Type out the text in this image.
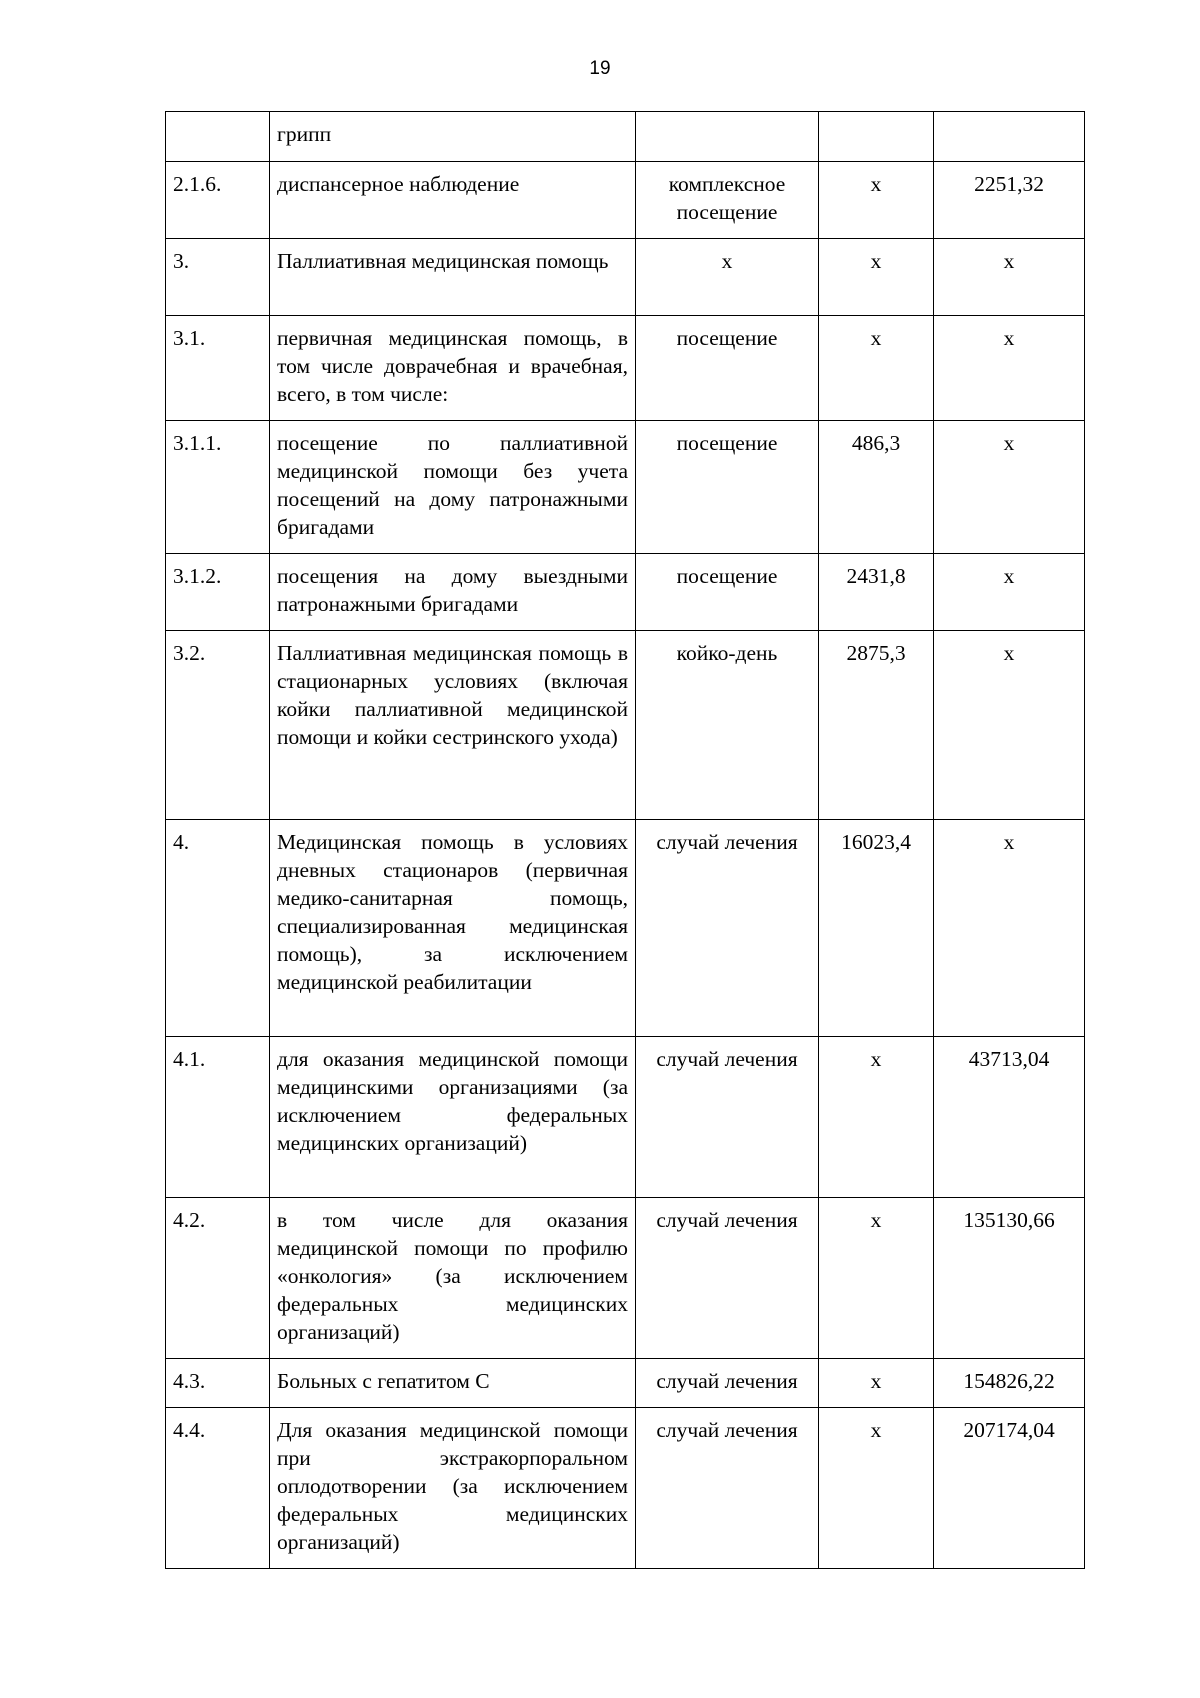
19
	грипп			
2.1.6.	диспансерное наблюдение	комплексное посещение	х	2251,32
3.	Паллиативная медицинская помощь	х	х	х
3.1.	первичная медицинская помощь, в том числе доврачебная и врачебная, всего, в том числе:	посещение	х	х
3.1.1.	посещение по паллиативной медицинской помощи без учета посещений на дому патронажными бригадами	посещение	486,3	х
3.1.2.	посещения на дому выездными патронажными бригадами	посещение	2431,8	х
3.2.	Паллиативная медицинская помощь в стационарных условиях (включая койки паллиативной медицинской помощи и койки сестринского ухода)	койко-день	2875,3	х
4.	Медицинская помощь в условиях дневных стационаров (первичная медико-санитарная помощь, специализированная медицинская помощь), за исключением медицинской реабилитации	случай лечения	16023,4	х
4.1.	для оказания медицинской помощи медицинскими организациями (за исключением федеральных медицинских организаций)	случай лечения	х	43713,04
4.2.	в том числе для оказания медицинской помощи по профилю «онкология» (за исключением федеральных медицинских организаций)	случай лечения	х	135130,66
4.3.	Больных с гепатитом С	случай лечения	х	154826,22
4.4.	Для оказания медицинской помощи при экстракорпоральном оплодотворении (за исключением федеральных медицинских организаций)	случай лечения	х	207174,04
